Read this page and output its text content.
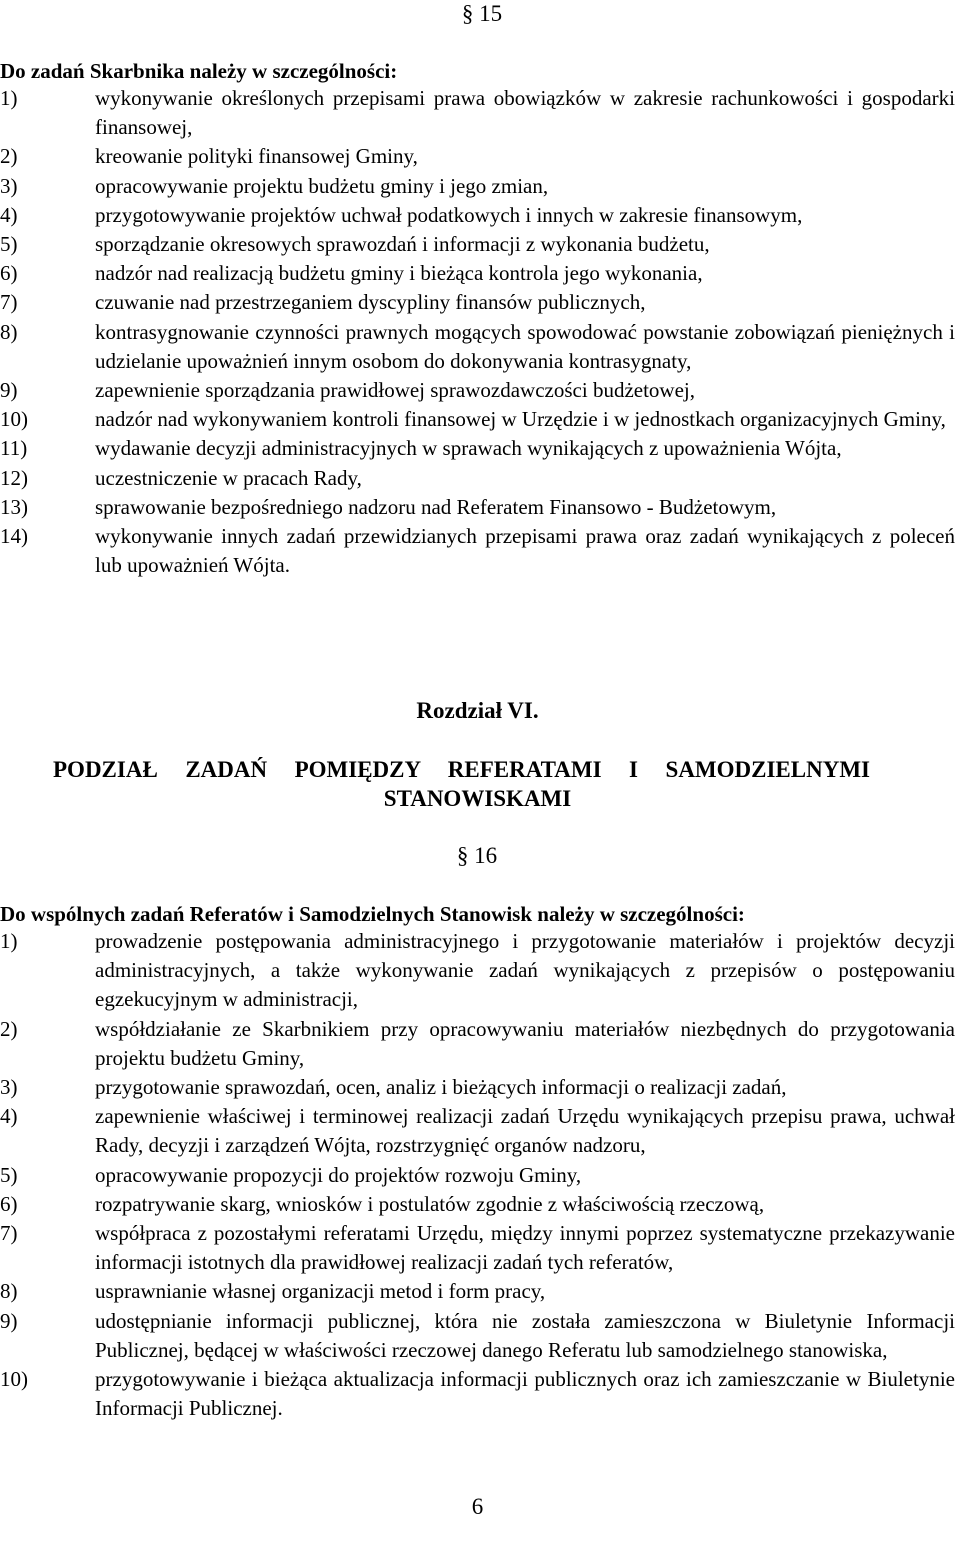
§ 15
Do zadań Skarbnika należy w szczególności:
1)	wykonywanie określonych przepisami prawa obowiązków w zakresie rachunkowości i gospodarki finansowej,
2)	kreowanie polityki finansowej Gminy,
3)	opracowywanie projektu budżetu gminy i jego zmian,
4)	przygotowywanie projektów uchwał podatkowych i innych w zakresie finansowym,
5)	sporządzanie okresowych sprawozdań i informacji z wykonania budżetu,
6)	nadzór nad realizacją budżetu gminy i bieżąca kontrola jego wykonania,
7)	czuwanie nad przestrzeganiem dyscypliny finansów publicznych,
8)	kontrasygnowanie czynności prawnych mogących spowodować powstanie zobowiązań pieniężnych i udzielanie upoważnień innym osobom do dokonywania kontrasygnaty,
9)	zapewnienie sporządzania prawidłowej sprawozdawczości budżetowej,
10)	nadzór nad wykonywaniem kontroli finansowej w Urzędzie i w jednostkach organizacyjnych Gminy,
11)	wydawanie decyzji administracyjnych w sprawach wynikających z upoważnienia Wójta,
12)	uczestniczenie w pracach Rady,
13)	sprawowanie bezpośredniego nadzoru nad Referatem Finansowo - Budżetowym,
14)	wykonywanie innych zadań przewidzianych przepisami prawa oraz zadań wynikających z poleceń lub upoważnień Wójta.
Rozdział VI.
PODZIAŁ ZADAŃ POMIĘDZY REFERATAMI I SAMODZIELNYMI
STANOWISKAMI
§ 16
Do wspólnych zadań Referatów i Samodzielnych Stanowisk należy w szczególności:
1)	prowadzenie postępowania administracyjnego i przygotowanie materiałów i projektów decyzji administracyjnych, a także wykonywanie zadań wynikających z przepisów o postępowaniu egzekucyjnym w administracji,
2)	współdziałanie ze Skarbnikiem przy opracowywaniu materiałów niezbędnych do przygotowania projektu budżetu Gminy,
3)	przygotowanie sprawozdań, ocen, analiz i bieżących informacji o realizacji zadań,
4)	zapewnienie właściwej i terminowej realizacji zadań Urzędu wynikających przepisu prawa, uchwał Rady, decyzji i zarządzeń Wójta, rozstrzygnięć organów nadzoru,
5)	opracowywanie propozycji do projektów rozwoju Gminy,
6)	rozpatrywanie skarg, wniosków i postulatów zgodnie z właściwością rzeczową,
7)	współpraca z pozostałymi referatami Urzędu, między innymi poprzez systematyczne przekazywanie informacji istotnych dla prawidłowej realizacji zadań tych referatów,
8)	usprawnianie własnej organizacji metod i form pracy,
9)	udostępnianie informacji publicznej, która nie została zamieszczona w Biuletynie Informacji Publicznej, będącej w właściwości rzeczowej danego Referatu lub samodzielnego stanowiska,
10)	przygotowywanie i bieżąca aktualizacja informacji publicznych oraz ich zamieszczanie w Biuletynie Informacji Publicznej.
6
